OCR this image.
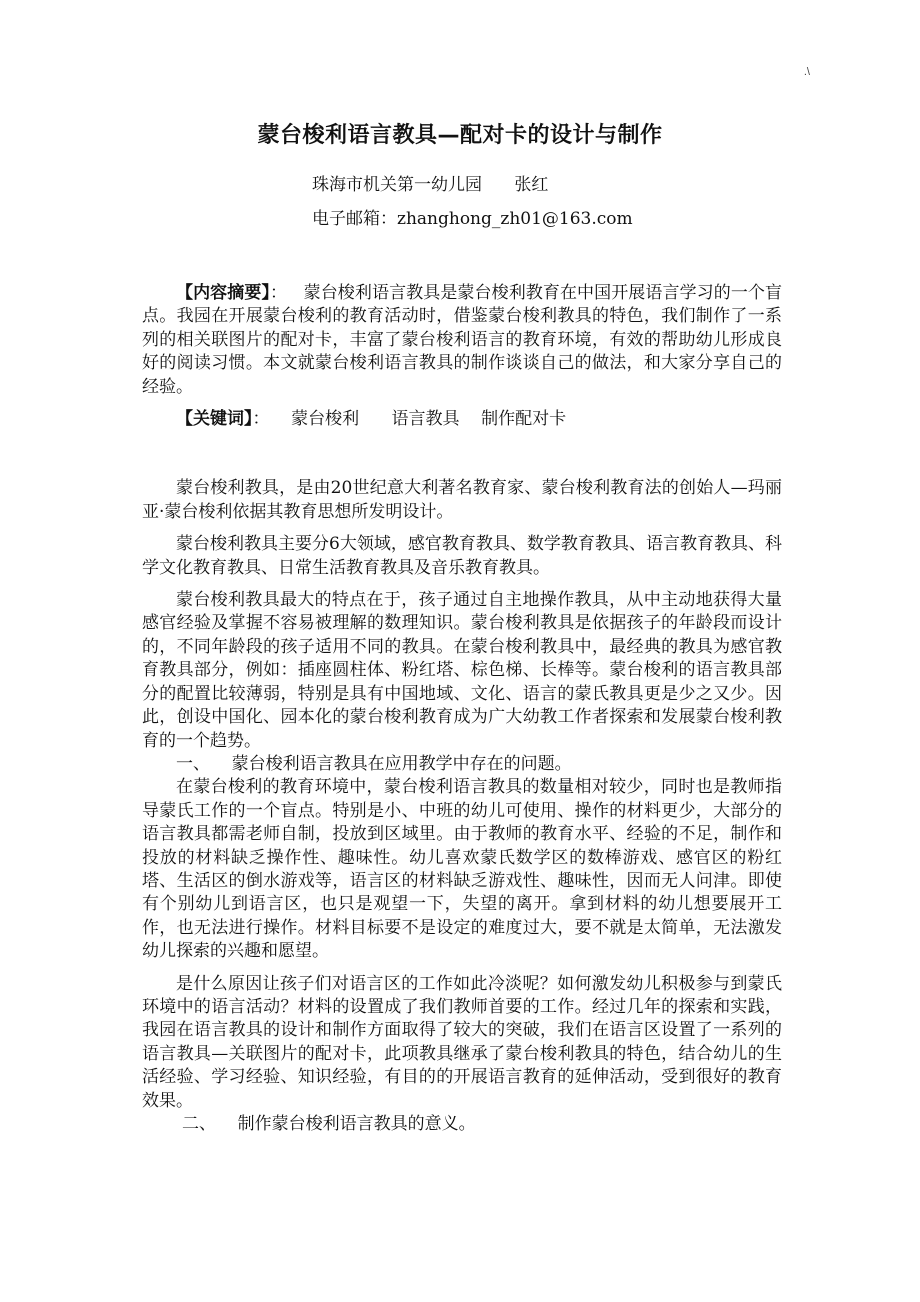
.\
蒙台梭利语言教具—配对卡的设计与制作
珠海市机关第一幼儿园      张红
电子邮箱：zhanghong_zh01@163.com

【内容摘要】：   蒙台梭利语言教具是蒙台梭利教育在中国开展语言学习的一个盲点。我园在开展蒙台梭利的教育活动时，借鉴蒙台梭利教具的特色，我们制作了一系列的相关联图片的配对卡，丰富了蒙台梭利语言的教育环境，有效的帮助幼儿形成良好的阅读习惯。本文就蒙台梭利语言教具的制作谈谈自己的做法，和大家分享自己的经验。

【关键词】：    蒙台梭利      语言教具    制作配对卡

蒙台梭利教具，是由20世纪意大利著名教育家、蒙台梭利教育法的创始人—玛丽亚·蒙台梭利依据其教育思想所发明设计。

蒙台梭利教具主要分6大领域，感官教育教具、数学教育教具、语言教育教具、科学文化教育教具、日常生活教育教具及音乐教育教具。

蒙台梭利教具最大的特点在于，孩子通过自主地操作教具，从中主动地获得大量感官经验及掌握不容易被理解的数理知识。蒙台梭利教具是依据孩子的年龄段而设计的，不同年龄段的孩子适用不同的教具。在蒙台梭利教具中，最经典的教具为感官教育教具部分，例如：插座圆柱体、粉红塔、棕色梯、长棒等。蒙台梭利的语言教具部分的配置比较薄弱，特别是具有中国地域、文化、语言的蒙氏教具更是少之又少。因此，创设中国化、园本化的蒙台梭利教育成为广大幼教工作者探索和发展蒙台梭利教育的一个趋势。

一、    蒙台梭利语言教具在应用教学中存在的问题。

在蒙台梭利的教育环境中，蒙台梭利语言教具的数量相对较少，同时也是教师指导蒙氏工作的一个盲点。特别是小、中班的幼儿可使用、操作的材料更少，大部分的语言教具都需老师自制，投放到区域里。由于教师的教育水平、经验的不足，制作和投放的材料缺乏操作性、趣味性。幼儿喜欢蒙氏数学区的数棒游戏、感官区的粉红塔、生活区的倒水游戏等，语言区的材料缺乏游戏性、趣味性，因而无人问津。即使有个别幼儿到语言区，也只是观望一下，失望的离开。拿到材料的幼儿想要展开工作，也无法进行操作。材料目标要不是设定的难度过大，要不就是太简单，无法激发幼儿探索的兴趣和愿望。

是什么原因让孩子们对语言区的工作如此冷淡呢？如何激发幼儿积极参与到蒙氏环境中的语言活动？材料的设置成了我们教师首要的工作。经过几年的探索和实践，我园在语言教具的设计和制作方面取得了较大的突破，我们在语言区设置了一系列的语言教具—关联图片的配对卡，此项教具继承了蒙台梭利教具的特色，结合幼儿的生活经验、学习经验、知识经验，有目的的开展语言教育的延伸活动，受到很好的教育效果。

二、    制作蒙台梭利语言教具的意义。
